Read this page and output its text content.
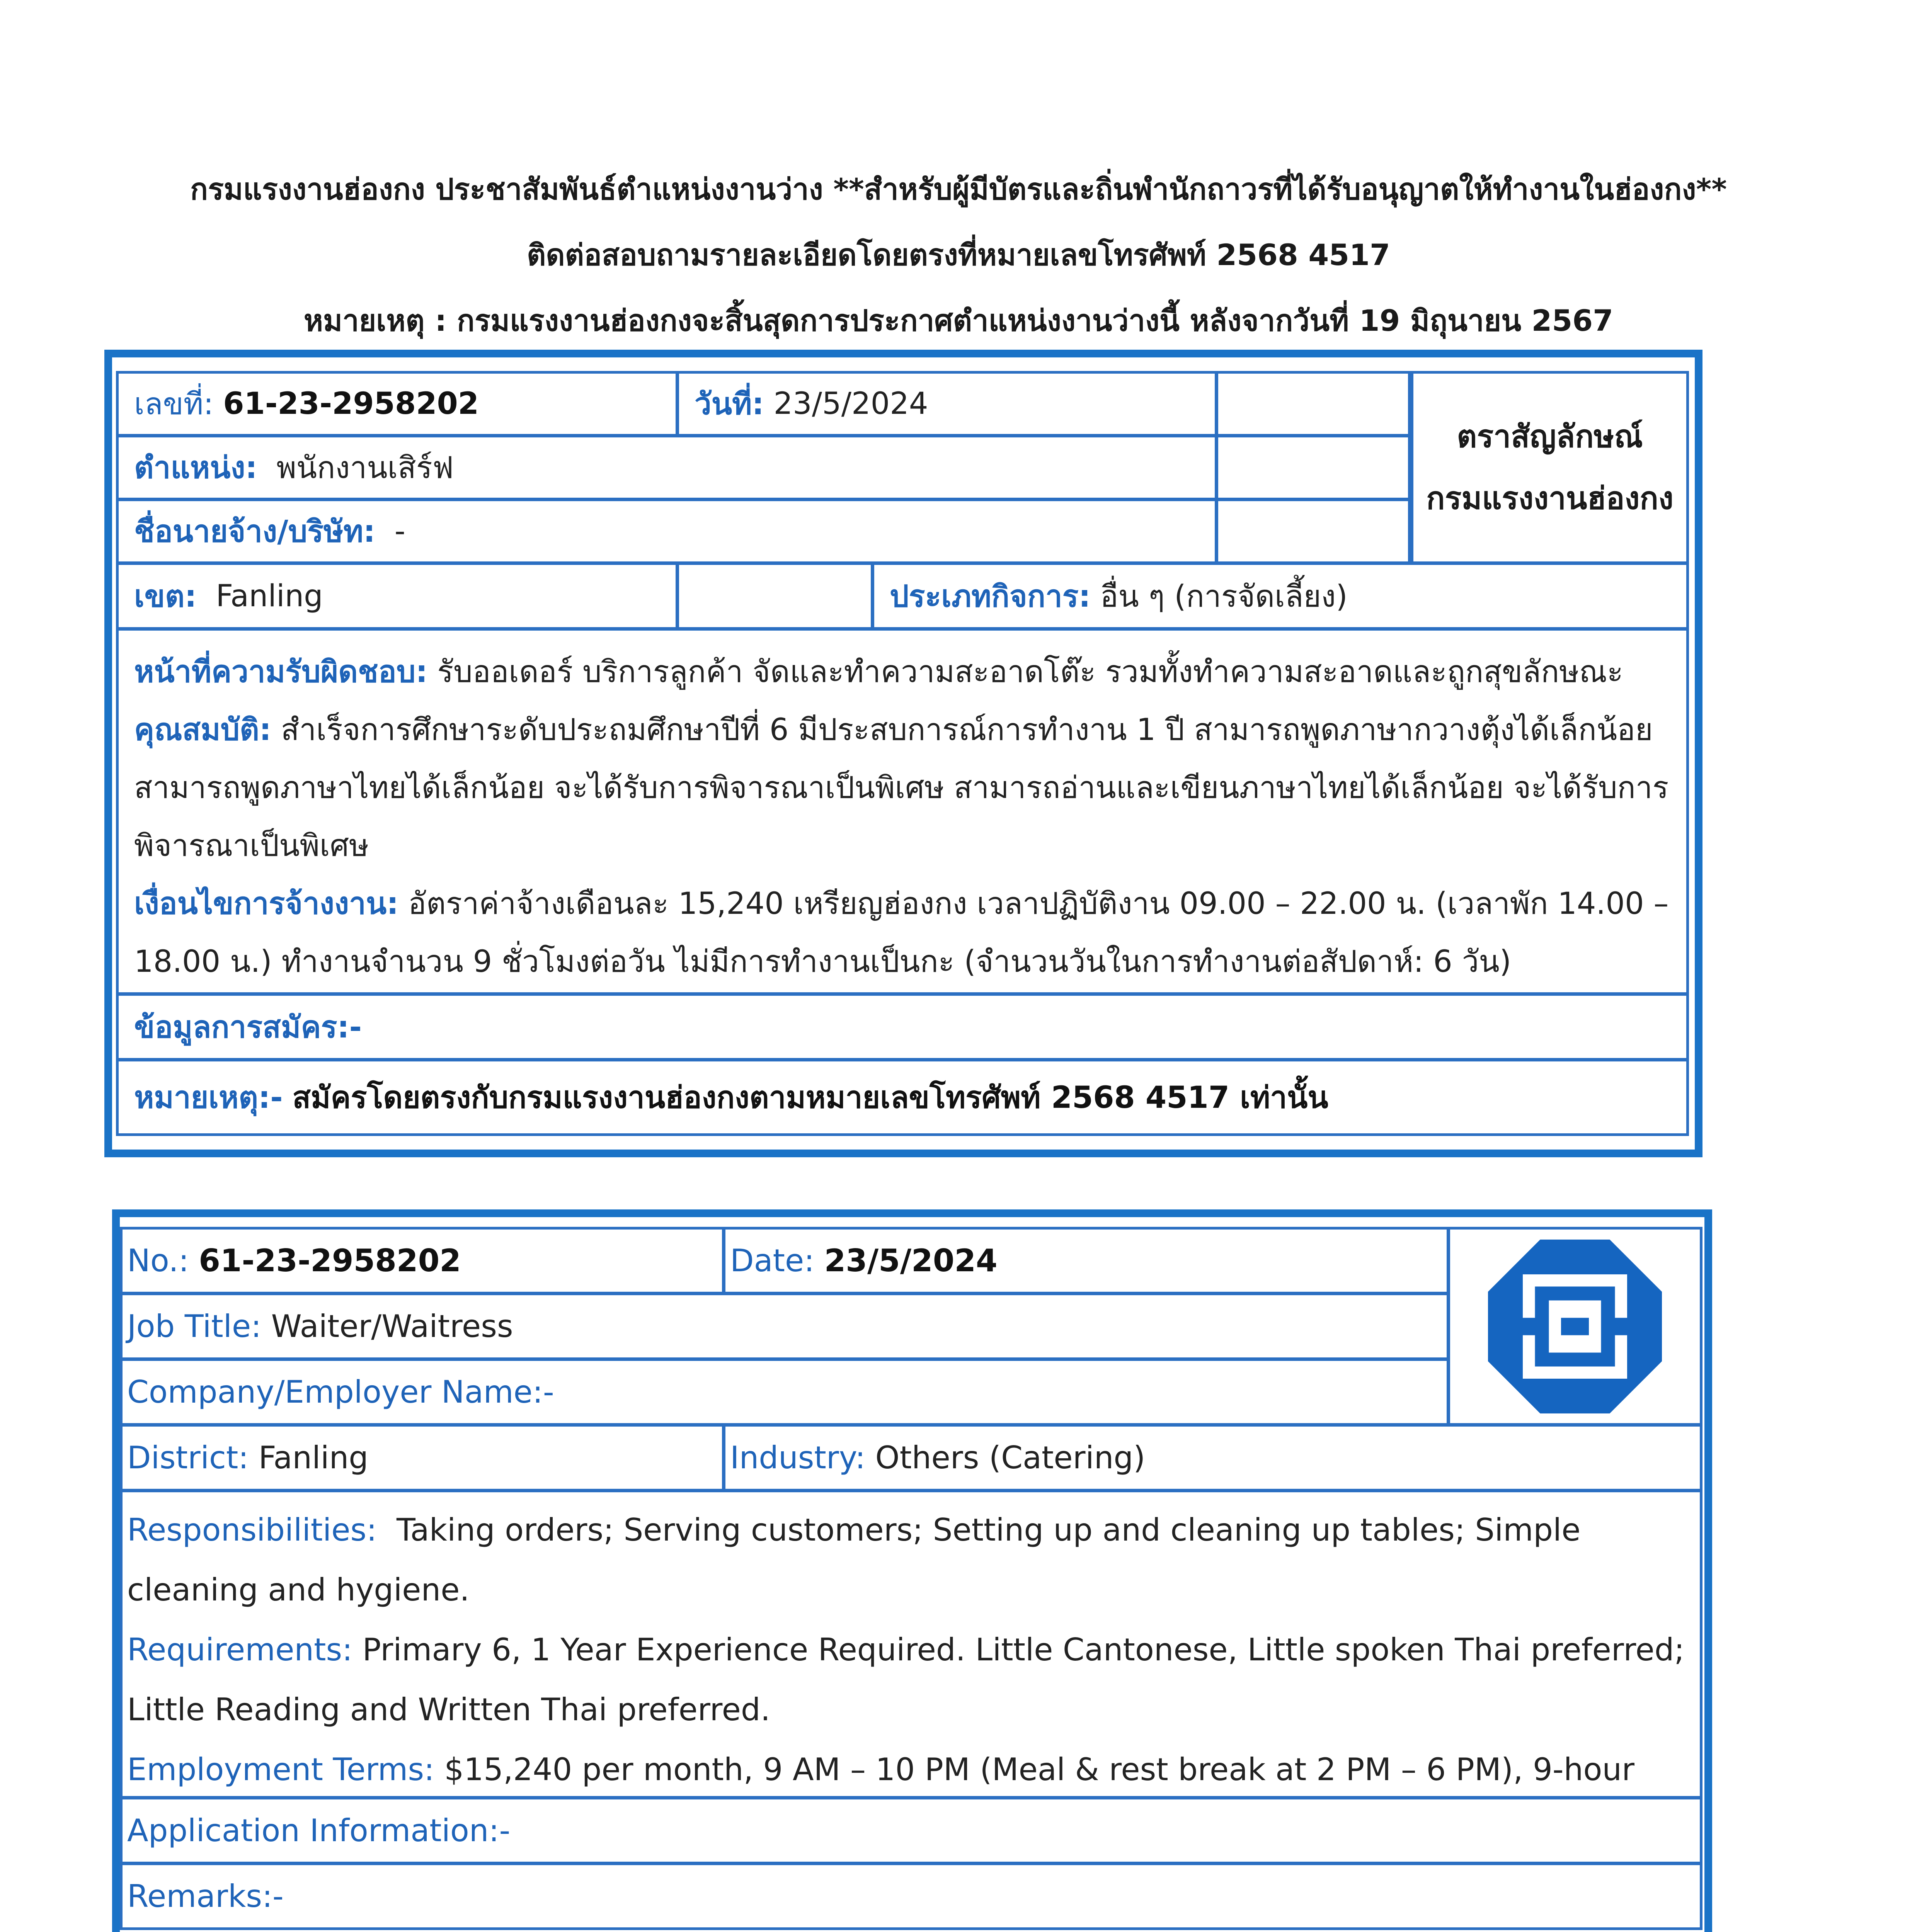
กรมแรงงานฮ่องกง ประชาสัมพันธ์ตำแหน่งงานว่าง **สำหรับผู้มีบัตรและถิ่นพำนักถาวรที่ได้รับอนุญาตให้ทำงานในฮ่องกง**
ติดต่อสอบถามรายละเอียดโดยตรงที่หมายเลขโทรศัพท์ 2568 4517
หมายเหตุ : กรมแรงงานฮ่องกงจะสิ้นสุดการประกาศตำแหน่งงานว่างนี้ หลังจากวันที่ 19 มิถุนายน 2567
เลขที่:
61-23-2958202	วันที่:
23/5/2024
ตราสัญลักษณ์
กรมแรงงานฮ่องกง
ตำแหน่ง:
พนักงานเสิร์ฟ
ชื่อนายจ้าง/บริษัท:
-
เขต:
Fanling	ประเภทกิจการ:
อื่น ๆ (การจัดเลี้ยง)
หน้าที่ความรับผิดชอบ: รับออเดอร์ บริการลูกค้า จัดและทำความสะอาดโต๊ะ รวมทั้งทำความสะอาดและถูกสุขลักษณะ
คุณสมบัติ: สำเร็จการศึกษาระดับประถมศึกษาปีที่ 6 มีประสบการณ์การทำงาน 1 ปี สามารถพูดภาษากวางตุ้งได้เล็กน้อย สามารถพูดภาษาไทยได้เล็กน้อย จะได้รับการพิจารณาเป็นพิเศษ สามารถอ่านและเขียนภาษาไทยได้เล็กน้อย จะได้รับการพิจารณาเป็นพิเศษ
เงื่อนไขการจ้างงาน: อัตราค่าจ้างเดือนละ 15,240 เหรียญฮ่องกง เวลาปฏิบัติงาน 09.00 – 22.00 น. (เวลาพัก 14.00 – 18.00 น.) ทำงานจำนวน 9 ชั่วโมงต่อวัน ไม่มีการทำงานเป็นกะ (จำนวนวันในการทำงานต่อสัปดาห์: 6 วัน)
ข้อมูลการสมัคร:-
หมายเหตุ:-
สมัครโดยตรงกับกรมแรงงานฮ่องกงตามหมายเลขโทรศัพท์ 2568 4517 เท่านั้น
No.:
61-23-2958202	Date:
23/5/2024
Job Title:
Waiter/Waitress
Company/Employer Name:-
District:
Fanling	Industry:
Others (Catering)
Responsibilities: Taking orders; Serving customers; Setting up and cleaning up tables; Simple cleaning and hygiene.
Requirements: Primary 6, 1 Year Experience Required. Little Cantonese, Little spoken Thai preferred; Little Reading and Written Thai preferred.
Employment Terms: $15,240 per month, 9 AM – 10 PM (Meal & rest break at 2 PM – 6 PM), 9-hour
Application Information:-
Remarks:-
